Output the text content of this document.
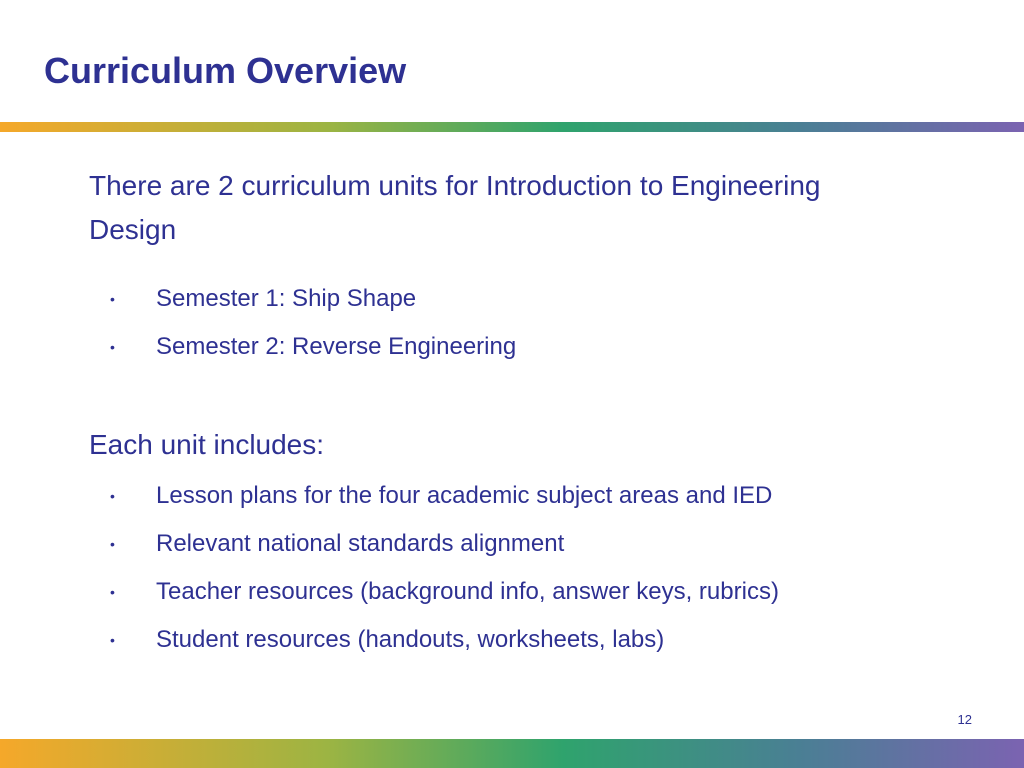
Curriculum Overview

There are 2 curriculum units for Introduction to Engineering Design

•	Semester 1: Ship Shape
•	Semester 2: Reverse Engineering

Each unit includes:

•	Lesson plans for the four academic subject areas and IED
•	Relevant national standards alignment
•	Teacher resources (background info, answer keys, rubrics)
•	Student resources (handouts, worksheets, labs)
12
